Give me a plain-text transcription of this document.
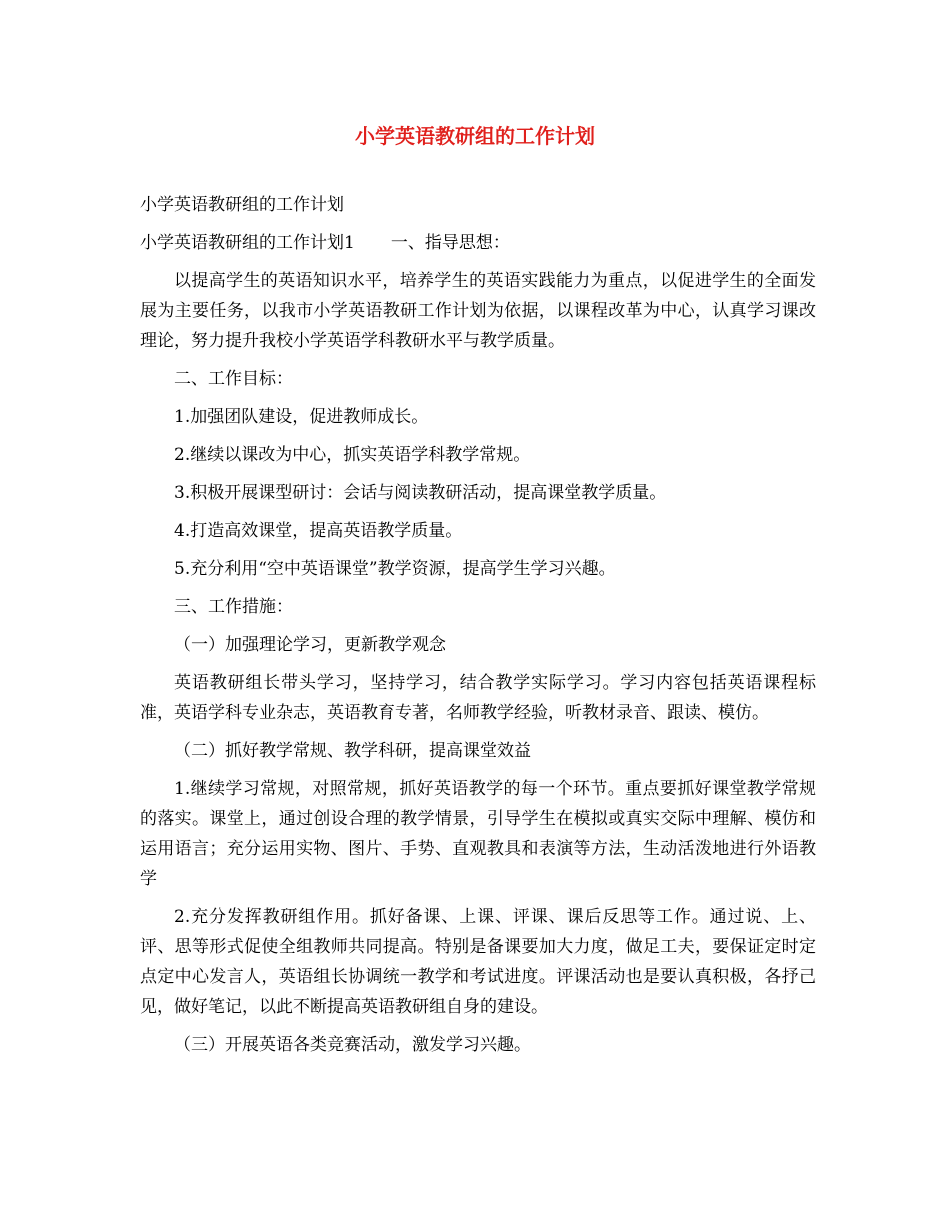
小学英语教研组的工作计划

小学英语教研组的工作计划

小学英语教研组的工作计划1 一、指导思想：

以提高学生的英语知识水平，培养学生的英语实践能力为重点，以促进学生的全面发展为主要任务，以我市小学英语教研工作计划为依据，以课程改革为中心，认真学习课改理论，努力提升我校小学英语学科教研水平与教学质量。

二、工作目标：

1.加强团队建设，促进教师成长。

2.继续以课改为中心，抓实英语学科教学常规。

3.积极开展课型研讨：会话与阅读教研活动，提高课堂教学质量。

4.打造高效课堂，提高英语教学质量。

5.充分利用“空中英语课堂”教学资源，提高学生学习兴趣。

三、工作措施：

（一）加强理论学习，更新教学观念

英语教研组长带头学习，坚持学习，结合教学实际学习。学习内容包括英语课程标准，英语学科专业杂志，英语教育专著，名师教学经验，听教材录音、跟读、模仿。

（二）抓好教学常规、教学科研，提高课堂效益

1.继续学习常规，对照常规，抓好英语教学的每一个环节。重点要抓好课堂教学常规的落实。课堂上，通过创设合理的教学情景，引导学生在模拟或真实交际中理解、模仿和运用语言；充分运用实物、图片、手势、直观教具和表演等方法，生动活泼地进行外语教学

2.充分发挥教研组作用。抓好备课、上课、评课、课后反思等工作。通过说、上、评、思等形式促使全组教师共同提高。特别是备课要加大力度，做足工夫，要保证定时定点定中心发言人，英语组长协调统一教学和考试进度。评课活动也是要认真积极，各抒己见，做好笔记，以此不断提高英语教研组自身的建设。

（三）开展英语各类竞赛活动，激发学习兴趣。
